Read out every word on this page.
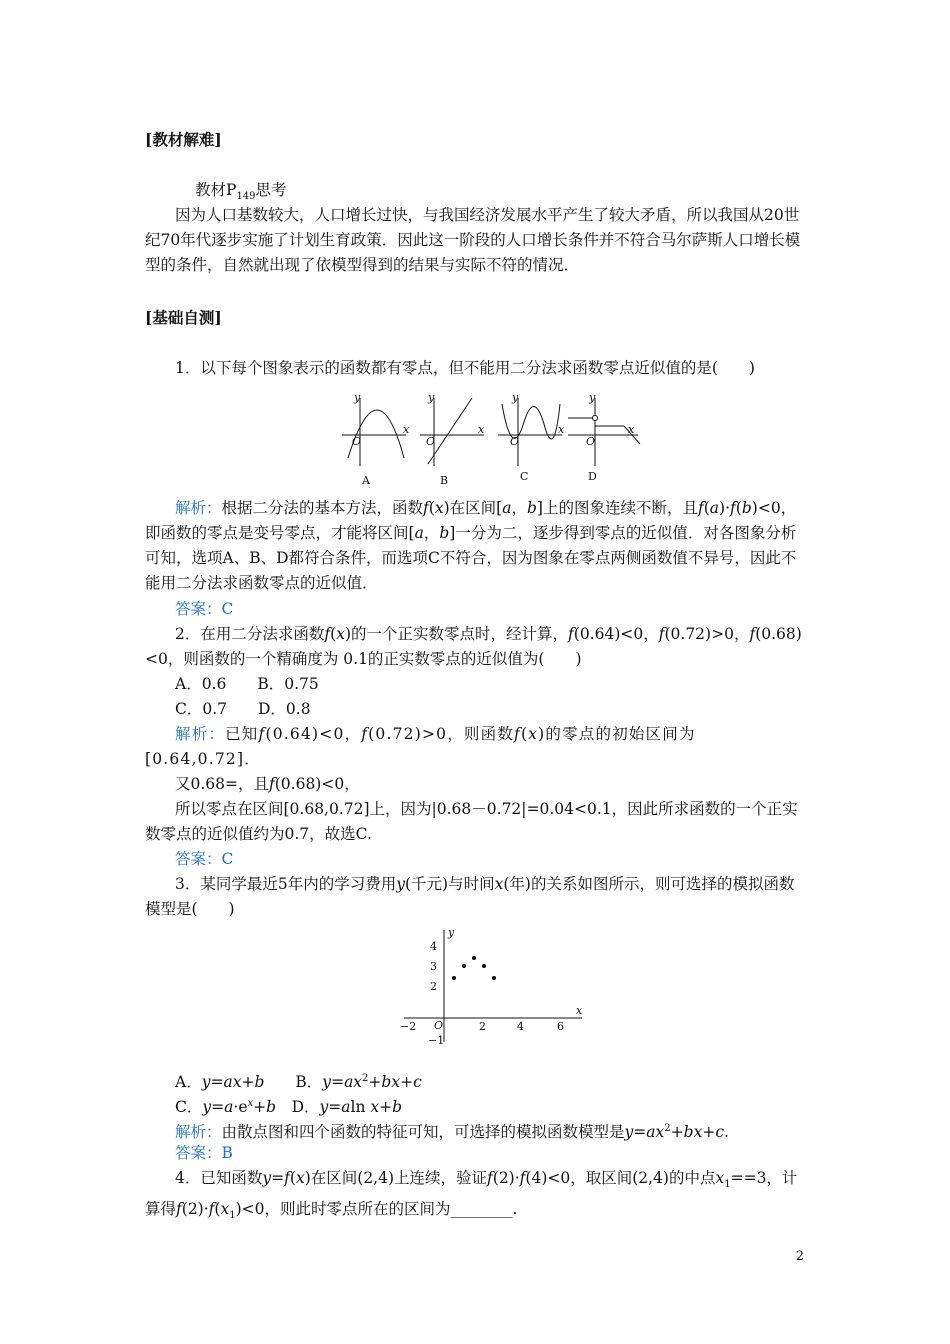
[教材解难]

教材$P_{149}$思考

因为人口基数较大，人口增长过快，与我国经济发展水平产生了较大矛盾，所以我国从20世纪70年代逐步实施了计划生育政策．因此这一阶段的人口增长条件并不符合马尔萨斯人口增长模型的条件，自然就出现了依模型得到的结果与实际不符的情况．

[基础自测]

1．以下每个图象表示的函数都有零点，但不能用二分法求函数零点近似值的是(　　)

y
x
O
y
x
O
y
x
O
y
x
O
A	B	C	D

解析：根据二分法的基本方法，函数f(x)在区间[a，b]上的图象连续不断，且f(a)·f(b)<0，即函数的零点是变号零点，才能将区间[a，b]一分为二，逐步得到零点的近似值．对各图象分析可知，选项A、B、D都符合条件，而选项C不符合，因为图象在零点两侧函数值不异号，因此不能用二分法求函数零点的近似值．

答案：C

2．在用二分法求函数f(x)的一个正实数零点时，经计算，f(0.64)<0，f(0.72)>0，f(0.68)<0，则函数的一个精确度为 0.1的正实数零点的近似值为(　　)

A．0.6　　B．0.75

C．0.7　　D．0.8

解析：已知f(0.64)<0，f(0.72)>0，则函数f(x)的零点的初始区间为[0.64,0.72]．

又0.68=，且f(0.68)<0，

所以零点在区间[0.68,0.72]上，因为|0.68－0.72|=0.04<0.1，因此所求函数的一个正实数零点的近似值约为0.7，故选C.

答案：C

3．某同学最近5年内的学习费用y(千元)与时间x(年)的关系如图所示，则可选择的模拟函数模型是(　　)

y
x
O
4
3
2
−1
−2	2	4	6

A．y=ax+b　　 B．$y=ax^2+bx+c$

C．$y=a\cdot e^x+b$　 D．y=aln x+b

解析：由散点图和四个函数的特征可知，可选择的模拟函数模型是$y=ax^2+bx+c$.

答案：B

4．已知函数y=f(x)在区间(2,4)上连续，验证f(2)·f(4)<0，取区间(2,4)的中点$x_1==3$，计算得$f(2)\cdot f(x_1)<0$，则此时零点所在的区间为________.

2
